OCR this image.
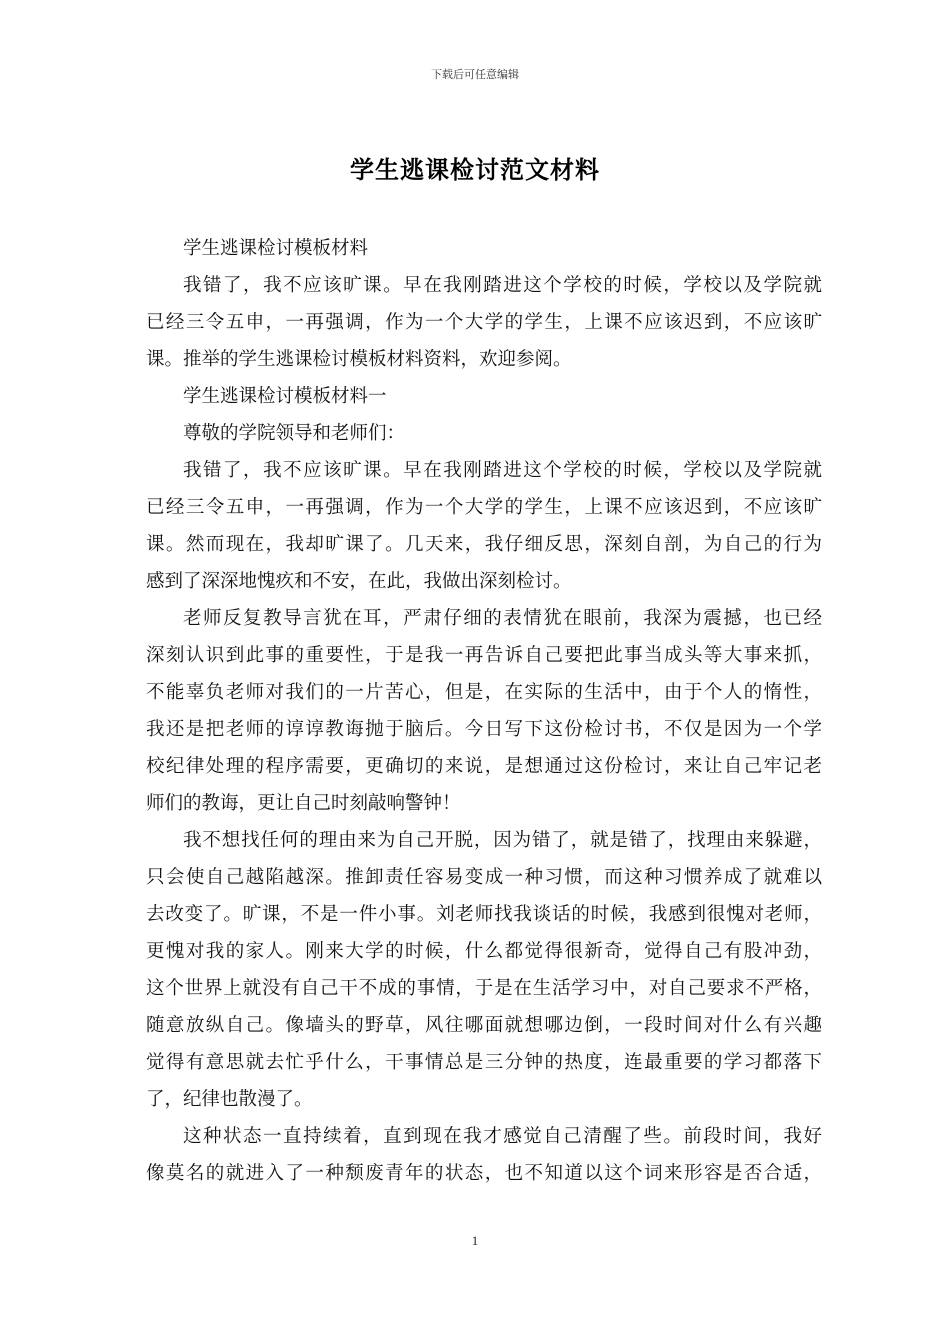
下载后可任意编辑
学生逃课检讨范文材料
学生逃课检讨模板材料
我错了，我不应该旷课。早在我刚踏进这个学校的时候，学校以及学院就
已经三令五申，一再强调，作为一个大学的学生，上课不应该迟到，不应该旷
课。推举的学生逃课检讨模板材料资料，欢迎参阅。
学生逃课检讨模板材料一
尊敬的学院领导和老师们：
我错了，我不应该旷课。早在我刚踏进这个学校的时候，学校以及学院就
已经三令五申，一再强调，作为一个大学的学生，上课不应该迟到，不应该旷
课。然而现在，我却旷课了。几天来，我仔细反思，深刻自剖，为自己的行为
感到了深深地愧疚和不安，在此，我做出深刻检讨。
老师反复教导言犹在耳，严肃仔细的表情犹在眼前，我深为震撼，也已经
深刻认识到此事的重要性，于是我一再告诉自己要把此事当成头等大事来抓，
不能辜负老师对我们的一片苦心，但是，在实际的生活中，由于个人的惰性，
我还是把老师的谆谆教诲抛于脑后。今日写下这份检讨书，不仅是因为一个学
校纪律处理的程序需要，更确切的来说，是想通过这份检讨，来让自己牢记老
师们的教诲，更让自己时刻敲响警钟！
我不想找任何的理由来为自己开脱，因为错了，就是错了，找理由来躲避，
只会使自己越陷越深。推卸责任容易变成一种习惯，而这种习惯养成了就难以
去改变了。旷课，不是一件小事。刘老师找我谈话的时候，我感到很愧对老师，
更愧对我的家人。刚来大学的时候，什么都觉得很新奇，觉得自己有股冲劲，
这个世界上就没有自己干不成的事情，于是在生活学习中，对自己要求不严格，
随意放纵自己。像墙头的野草，风往哪面就想哪边倒，一段时间对什么有兴趣
觉得有意思就去忙乎什么，干事情总是三分钟的热度，连最重要的学习都落下
了，纪律也散漫了。
这种状态一直持续着，直到现在我才感觉自己清醒了些。前段时间，我好
像莫名的就进入了一种颓废青年的状态，也不知道以这个词来形容是否合适，
1
